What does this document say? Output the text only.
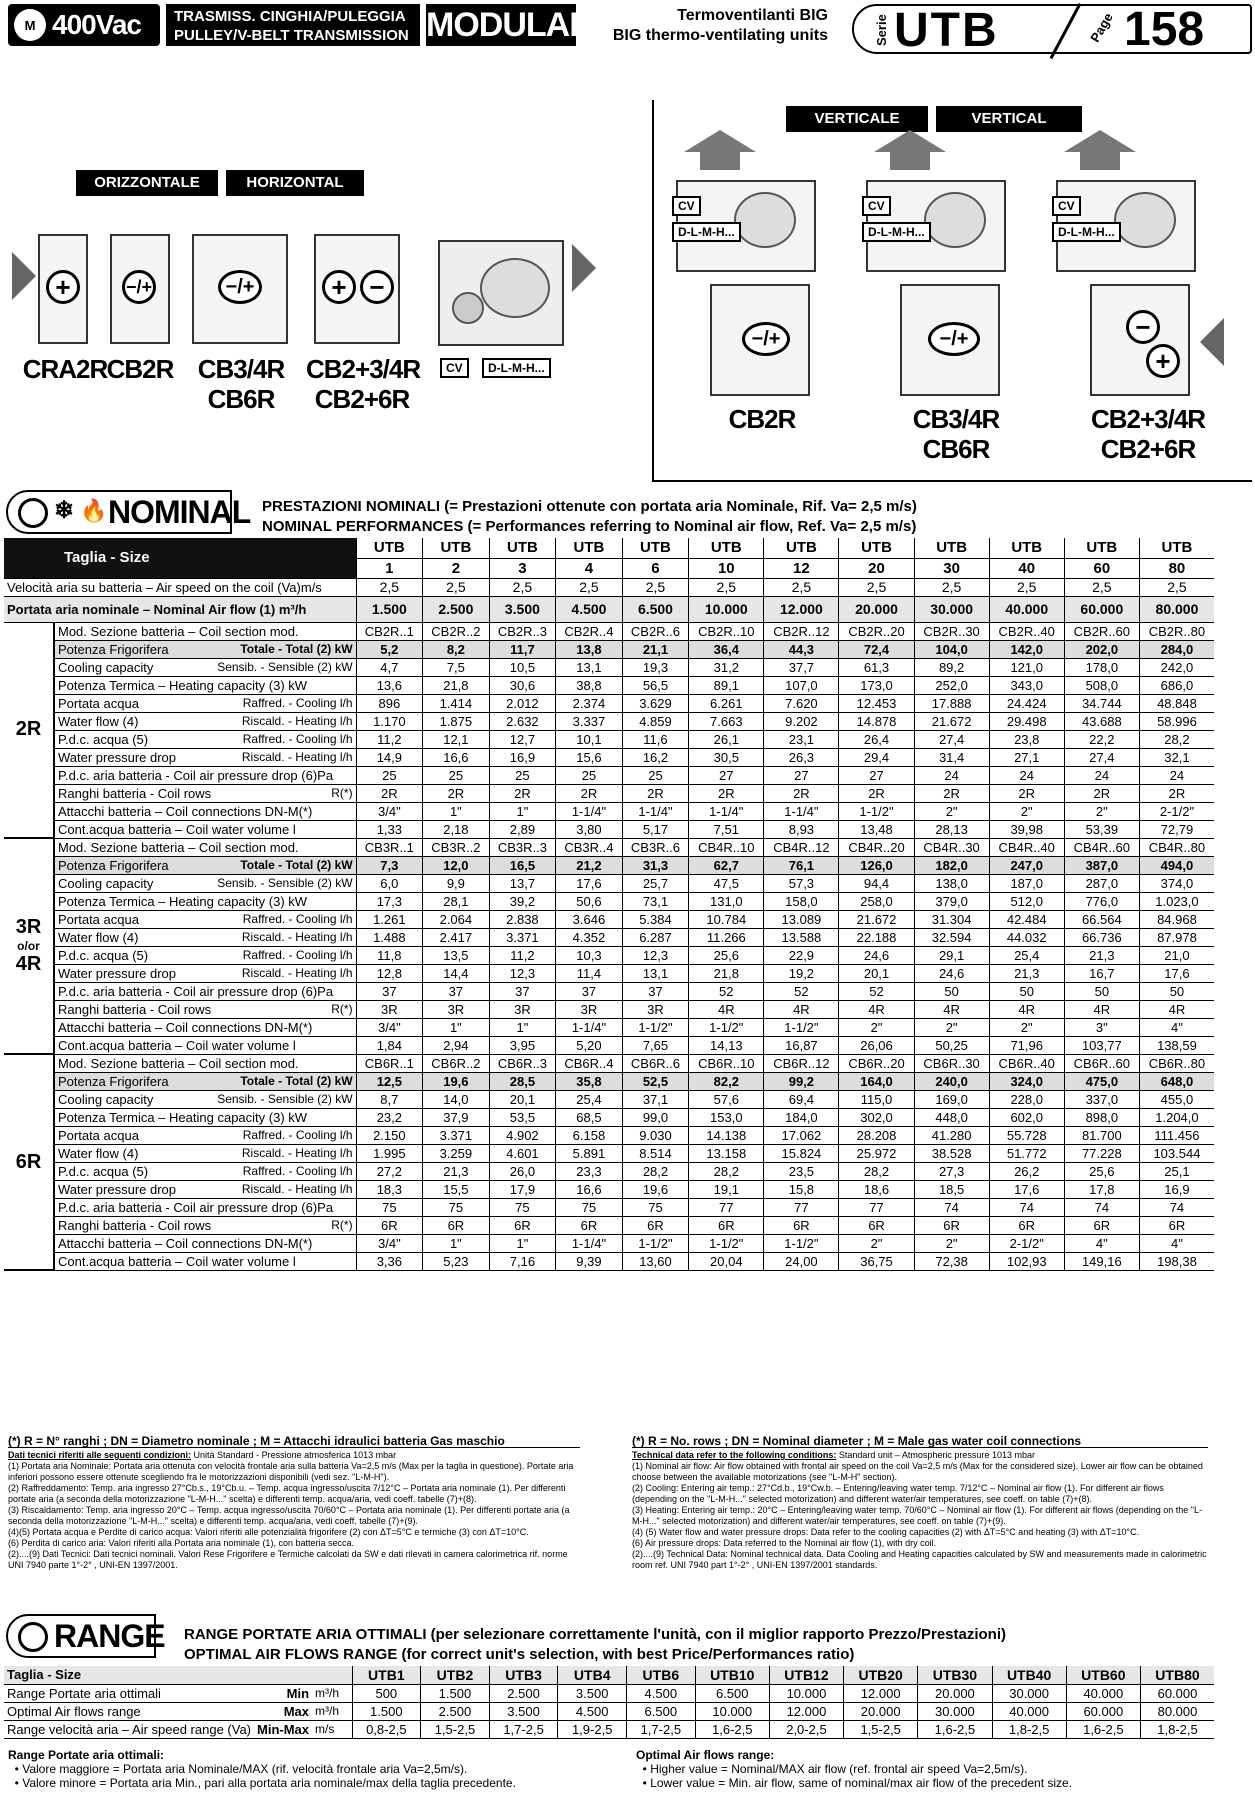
M 400Vac TRASMISS. CINGHIA/PULEGGIA
PULLEY/V-BELT TRANSMISSION MODULAR	Termoventilanti BIG
BIG thermo-ventilating units	Serie UTB	Page 158
ORIZZONTALE	HORIZONTAL
VERTICALE	VERTICAL
+	−/+	−/+	+ −
CV	D-L-M-H...
CRA2R CB2R CB3/4R
CB6R
CB2+3/4R
CB2+6R
CV
D-L-M-H...
CV
D-L-M-H...
CV
D-L-M-H...
−/+	−/+	−
+
CB2R	CB3/4R
CB6R
CB2+3/4R
CB2+6R
❄ 🔥 NOMINAL PRESTAZIONI NOMINALI (= Prestazioni ottenute con portata aria Nominale, Rif. Va= 2,5 m/s)
NOMINAL PERFORMANCES (= Performances referring to Nominal air flow, Ref. Va= 2,5 m/s)
Taglia - Size			UTB	UTB	UTB	UTB	UTB	UTB	UTB	UTB	UTB	UTB	UTB	UTB
			1	2	3	4	6	10	12	20	30	40	60	80
Velocità aria su batteria – Air speed on the coil (Va)m/s			2,5	2,5	2,5	2,5	2,5	2,5	2,5	2,5	2,5	2,5	2,5	2,5
Portata aria nominale – Nominal Air flow (1) m³/h			1.500	2.500	3.500	4.500	6.500	10.000	12.000	20.000	30.000	40.000	60.000	80.000

2R	Mod. Sezione batteria – Coil section mod.		CB2R..1	CB2R..2	CB2R..3	CB2R..4	CB2R..6	CB2R..10	CB2R..12	CB2R..20	CB2R..30	CB2R..40	CB2R..60	CB2R..80
	Potenza Frigorifera	Totale - Total (2) kW	5,2	8,2	11,7	13,8	21,1	36,4	44,3	72,4	104,0	142,0	202,0	284,0
	Cooling capacity	Sensib. - Sensible (2) kW	4,7	7,5	10,5	13,1	19,3	31,2	37,7	61,3	89,2	121,0	178,0	242,0
	Potenza Termica – Heating capacity (3) kW		13,6	21,8	30,6	38,8	56,5	89,1	107,0	173,0	252,0	343,0	508,0	686,0
	Portata acqua	Raffred. - Cooling l/h	896	1.414	2.012	2.374	3.629	6.261	7.620	12.453	17.888	24.424	34.744	48.848
	Water flow (4)	Riscald. - Heating l/h	1.170	1.875	2.632	3.337	4.859	7.663	9.202	14.878	21.672	29.498	43.688	58.996
	P.d.c. acqua (5)	Raffred. - Cooling l/h	11,2	12,1	12,7	10,1	11,6	26,1	23,1	26,4	27,4	23,8	22,2	28,2
	Water pressure drop	Riscald. - Heating l/h	14,9	16,6	16,9	15,6	16,2	30,5	26,3	29,4	31,4	27,1	27,4	32,1
	P.d.c. aria batteria - Coil air pressure drop (6)Pa		25	25	25	25	25	27	27	27	24	24	24	24
	Ranghi batteria - Coil rows	R(*)	2R	2R	2R	2R	2R	2R	2R	2R	2R	2R	2R	2R
	Attacchi batteria – Coil connections DN-M(*)		3/4"	1"	1"	1-1/4"	1-1/4"	1-1/4"	1-1/4"	1-1/2"	2"	2"	2"	2-1/2"
	Cont.acqua batteria – Coil water volume l		1,33	2,18	2,89	3,80	5,17	7,51	8,93	13,48	28,13	39,98	53,39	72,79

3R
o/or
4R	Mod. Sezione batteria – Coil section mod.		CB3R..1	CB3R..2	CB3R..3	CB3R..4	CB3R..6	CB4R..10	CB4R..12	CB4R..20	CB4R..30	CB4R..40	CB4R..60	CB4R..80
	Potenza Frigorifera	Totale - Total (2) kW	7,3	12,0	16,5	21,2	31,3	62,7	76,1	126,0	182,0	247,0	387,0	494,0
	Cooling capacity	Sensib. - Sensible (2) kW	6,0	9,9	13,7	17,6	25,7	47,5	57,3	94,4	138,0	187,0	287,0	374,0
	Potenza Termica – Heating capacity (3) kW		17,3	28,1	39,2	50,6	73,1	131,0	158,0	258,0	379,0	512,0	776,0	1.023,0
	Portata acqua	Raffred. - Cooling l/h	1.261	2.064	2.838	3.646	5.384	10.784	13.089	21.672	31.304	42.484	66.564	84.968
	Water flow (4)	Riscald. - Heating l/h	1.488	2.417	3.371	4.352	6.287	11.266	13.588	22.188	32.594	44.032	66.736	87.978
	P.d.c. acqua (5)	Raffred. - Cooling l/h	11,8	13,5	11,2	10,3	12,3	25,6	22,9	24,6	29,1	25,4	21,3	21,0
	Water pressure drop	Riscald. - Heating l/h	12,8	14,4	12,3	11,4	13,1	21,8	19,2	20,1	24,6	21,3	16,7	17,6
	P.d.c. aria batteria - Coil air pressure drop (6)Pa		37	37	37	37	37	52	52	52	50	50	50	50
	Ranghi batteria - Coil rows	R(*)	3R	3R	3R	3R	3R	4R	4R	4R	4R	4R	4R	4R
	Attacchi batteria – Coil connections DN-M(*)		3/4"	1"	1"	1-1/4"	1-1/2"	1-1/2"	1-1/2"	2"	2"	2"	3"	4"
	Cont.acqua batteria – Coil water volume l		1,84	2,94	3,95	5,20	7,65	14,13	16,87	26,06	50,25	71,96	103,77	138,59

6R	Mod. Sezione batteria – Coil section mod.		CB6R..1	CB6R..2	CB6R..3	CB6R..4	CB6R..6	CB6R..10	CB6R..12	CB6R..20	CB6R..30	CB6R..40	CB6R..60	CB6R..80
	Potenza Frigorifera	Totale - Total (2) kW	12,5	19,6	28,5	35,8	52,5	82,2	99,2	164,0	240,0	324,0	475,0	648,0
	Cooling capacity	Sensib. - Sensible (2) kW	8,7	14,0	20,1	25,4	37,1	57,6	69,4	115,0	169,0	228,0	337,0	455,0
	Potenza Termica – Heating capacity (3) kW		23,2	37,9	53,5	68,5	99,0	153,0	184,0	302,0	448,0	602,0	898,0	1.204,0
	Portata acqua	Raffred. - Cooling l/h	2.150	3.371	4.902	6.158	9.030	14.138	17.062	28.208	41.280	55.728	81.700	111.456
	Water flow (4)	Riscald. - Heating l/h	1.995	3.259	4.601	5.891	8.514	13.158	15.824	25.972	38.528	51.772	77.228	103.544
	P.d.c. acqua (5)	Raffred. - Cooling l/h	27,2	21,3	26,0	23,3	28,2	28,2	23,5	28,2	27,3	26,2	25,6	25,1
	Water pressure drop	Riscald. - Heating l/h	18,3	15,5	17,9	16,6	19,6	19,1	15,8	18,6	18,5	17,6	17,8	16,9
	P.d.c. aria batteria - Coil air pressure drop (6)Pa		75	75	75	75	75	77	77	77	74	74	74	74
	Ranghi batteria - Coil rows	R(*)	6R	6R	6R	6R	6R	6R	6R	6R	6R	6R	6R	6R
	Attacchi batteria – Coil connections DN-M(*)		3/4"	1"	1"	1-1/4"	1-1/2"	1-1/2"	1-1/2"	2"	2"	2-1/2"	4"	4"
	Cont.acqua batteria – Coil water volume l		3,36	5,23	7,16	9,39	13,60	20,04	24,00	36,75	72,38	102,93	149,16	198,38
(*) R = N° ranghi ; DN = Diametro nominale ; M = Attacchi idraulici batteria Gas maschio
Dati tecnici riferiti alle seguenti condizioni: Unità Standard - Pressione atmosferica 1013 mbar
(1) Portata aria Nominale: Portata aria ottenuta con velocità frontale aria sulla batteria Va=2,5 m/s (Max per la taglia in questione). Portate aria inferiori possono essere ottenute scegliendo fra le motorizzazioni disponibili (vedi sez. "L-M-H").
(2) Raffreddamento: Temp. aria ingresso 27°Cb.s., 19°Cb.u. – Temp. acqua ingresso/uscita 7/12°C – Portata aria nominale (1). Per differenti portate aria (a seconda della motorizzazione "L-M-H..." scelta) e differenti temp. acqua/aria, vedi coeff. tabelle (7)+(8).
(3) Riscaldamento: Temp. aria ingresso 20°C – Temp. acqua ingresso/uscita 70/60°C – Portata aria nominale (1). Per differenti portate aria (a seconda della motorizzazione "L-M-H..." scelta) e differenti temp. acqua/aria, vedi coeff. tabelle (7)+(9).
(4)(5) Portata acqua e Perdite di carico acqua: Valori riferiti alle potenzialità frigorifere (2) con ΔT=5°C e termiche (3) con ΔT=10°C.
(6) Perdita di carico aria: Valori riferiti alla Portata aria nominale (1), con batteria secca.
(2)....(9) Dati Tecnici: Dati tecnici nominali. Valori Rese Frigorifere e Termiche calcolati da SW e dati rilevati in camera calorimetrica rif. norme UNI 7940 parte 1°-2° , UNI-EN 1397/2001.
(*) R = No. rows ; DN = Nominal diameter ; M = Male gas water coil connections
Technical data refer to the following conditions: Standard unit – Atmospheric pressure 1013 mbar
(1) Nominal air flow: Air flow obtained with frontal air speed on the coil Va=2,5 m/s (Max for the considered size). Lower air flow can be obtained choose between the available motorizations (see "L-M-H" section).
(2) Cooling: Entering air temp.: 27°Cd.b., 19°Cw.b. – Entering/leaving water temp. 7/12°C – Nominal air flow (1). For different air flows (depending on the "L-M-H..." selected motorization) and different water/air temperatures, see coeff. on table (7)+(8).
(3) Heating: Entering air temp.: 20°C – Entering/leaving water temp. 70/60°C – Nominal air flow (1). For different air flows (depending on the "L-M-H..." selected motorization) and different water/air temperatures, see coeff. on table (7)+(9).
(4) (5) Water flow and water pressure drops: Data refer to the cooling capacities (2) with ΔT=5°C and heating (3) with ΔT=10°C.
(6) Air pressure drops: Data referred to the Nominal air flow (1), with dry coil.
(2)....(9) Technical Data: Nominal technical data. Data Cooling and Heating capacities calculated by SW and measurements made in calorimetric room ref. UNI 7940 part 1°-2° , UNI-EN 1397/2001 standards.
RANGE RANGE PORTATE ARIA OTTIMALI (per selezionare correttamente l'unità, con il miglior rapporto Prezzo/Prestazioni)
OPTIMAL AIR FLOWS RANGE (for correct unit's selection, with best Price/Performances ratio)
Taglia - Size			UTB1	UTB2	UTB3	UTB4	UTB6	UTB10	UTB12	UTB20	UTB30	UTB40	UTB60	UTB80
Range Portate aria ottimali	Min	m³/h	500	1.500	2.500	3.500	4.500	6.500	10.000	12.000	20.000	30.000	40.000	60.000
Optimal Air flows range	Max	m³/h	1.500	2.500	3.500	4.500	6.500	10.000	12.000	20.000	30.000	40.000	60.000	80.000
Range velocità aria – Air speed range (Va)	Min-Max	m/s	0,8-2,5	1,5-2,5	1,7-2,5	1,9-2,5	1,7-2,5	1,6-2,5	2,0-2,5	1,5-2,5	1,6-2,5	1,8-2,5	1,6-2,5	1,8-2,5
Range Portate aria ottimali:
• Valore maggiore = Portata aria Nominale/MAX (rif. velocità frontale aria Va=2,5m/s).
• Valore minore = Portata aria Min., pari alla portata aria nominale/max della taglia precedente.
Optimal Air flows range:
• Higher value = Nominal/MAX air flow (ref. frontal air speed Va=2,5m/s).
• Lower value = Min. air flow, same of nominal/max air flow of the precedent size.
